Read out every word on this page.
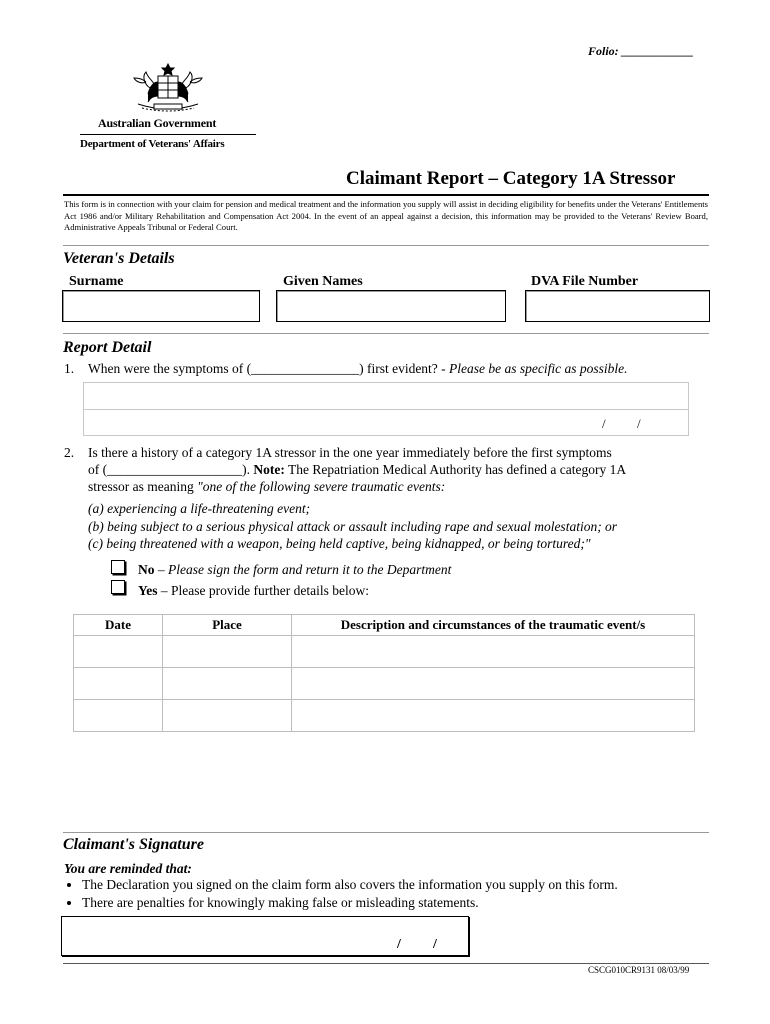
Folio: ____________
Australian Government
Department of Veterans' Affairs
Claimant Report – Category 1A Stressor
This form is in connection with your claim for pension and medical treatment and the information you supply will assist in deciding eligibility for benefits under the Veterans' Entitlements Act 1986 and/or Military Rehabilitation and Compensation Act 2004. In the event of an appeal against a decision, this information may be provided to the Veterans' Review Board, Administrative Appeals Tribunal or Federal Court.
Veteran's Details
Surname	Given Names	DVA File Number
Report Detail
1. When were the symptoms of (________________) first evident? - Please be as specific as possible.
/ /
2. Is there a history of a category 1A stressor in the one year immediately before the first symptoms
of (____________________). Note: The Repatriation Medical Authority has defined a category 1A
stressor as meaning "one of the following severe traumatic events:
(a) experiencing a life-threatening event;
(b) being subject to a serious physical attack or assault including rape and sexual molestation; or
(c) being threatened with a weapon, being held captive, being kidnapped, or being tortured;"
No – Please sign the form and return it to the Department
Yes – Please provide further details below:
Date	Place	Description and circumstances of the traumatic event/s

Claimant's Signature
You are reminded that:
• The Declaration you signed on the claim form also covers the information you supply on this form.
• There are penalties for knowingly making false or misleading statements.
/ /
CSCG010CR9131 08/03/99
